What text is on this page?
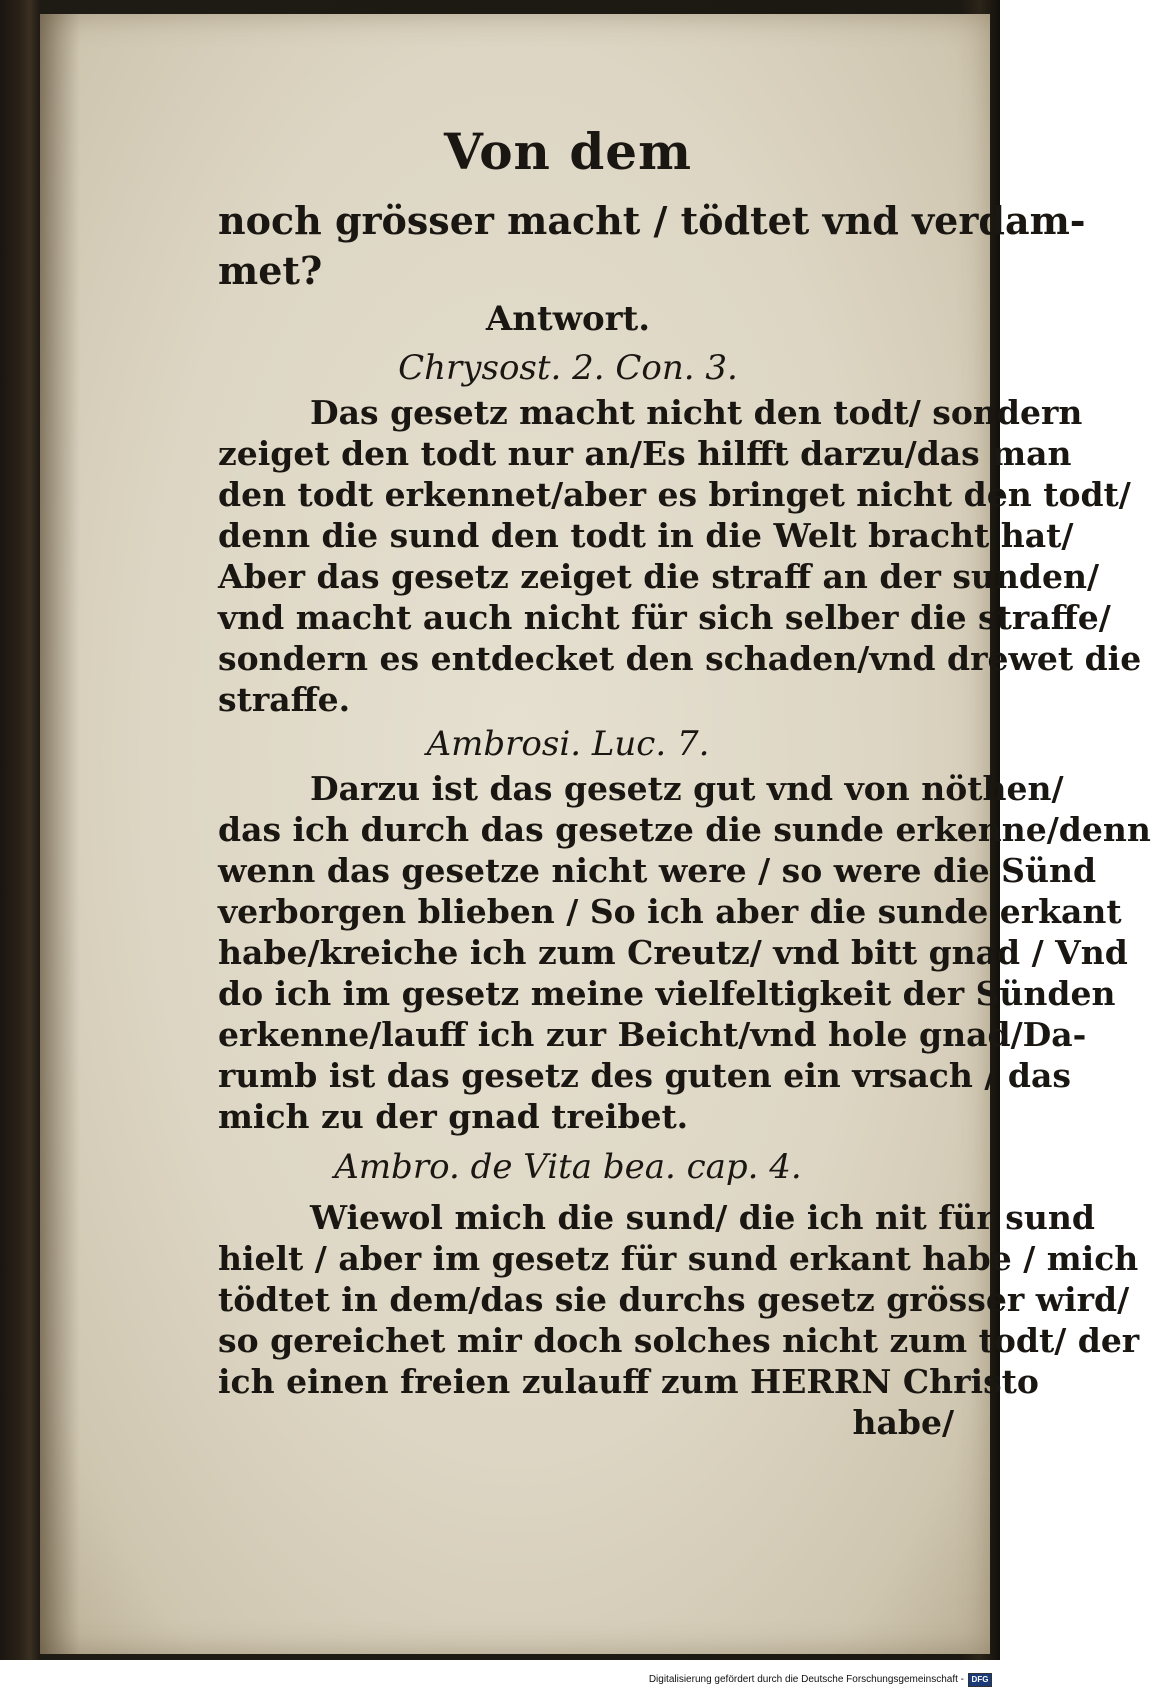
Von dem
noch grösser macht / tödtet vnd verdam-
met?
Antwort.
Chrysost. 2. Con. 3.
Das gesetz macht nicht den todt/ sondern
zeiget den todt nur an/Es hilfft darzu/das man
den todt erkennet/aber es bringet nicht den todt/
denn die sund den todt in die Welt bracht hat/
Aber das gesetz zeiget die straff an der sunden/
vnd macht auch nicht für sich selber die straffe/
sondern es entdecket den schaden/vnd drewet die
straffe.
Ambrosi. Luc. 7.
Darzu ist das gesetz gut vnd von nöthen/
das ich durch das gesetze die sunde erkenne/denn
wenn das gesetze nicht were / so were die Sünd
verborgen blieben / So ich aber die sunde erkant
habe/kreiche ich zum Creutz/ vnd bitt gnad / Vnd
do ich im gesetz meine vielfeltigkeit der Sünden
erkenne/lauff ich zur Beicht/vnd hole gnad/Da-
rumb ist das gesetz des guten ein vrsach / das
mich zu der gnad treibet.
Ambro. de Vita bea. cap. 4.
Wiewol mich die sund/ die ich nit für sund
hielt / aber im gesetz für sund erkant habe / mich
tödtet in dem/das sie durchs gesetz grösser wird/
so gereichet mir doch solches nicht zum todt/ der
ich einen freien zulauff zum HERRN Christo
habe/
Digitalisierung gefördert durch die Deutsche Forschungsgemeinschaft - DFG
